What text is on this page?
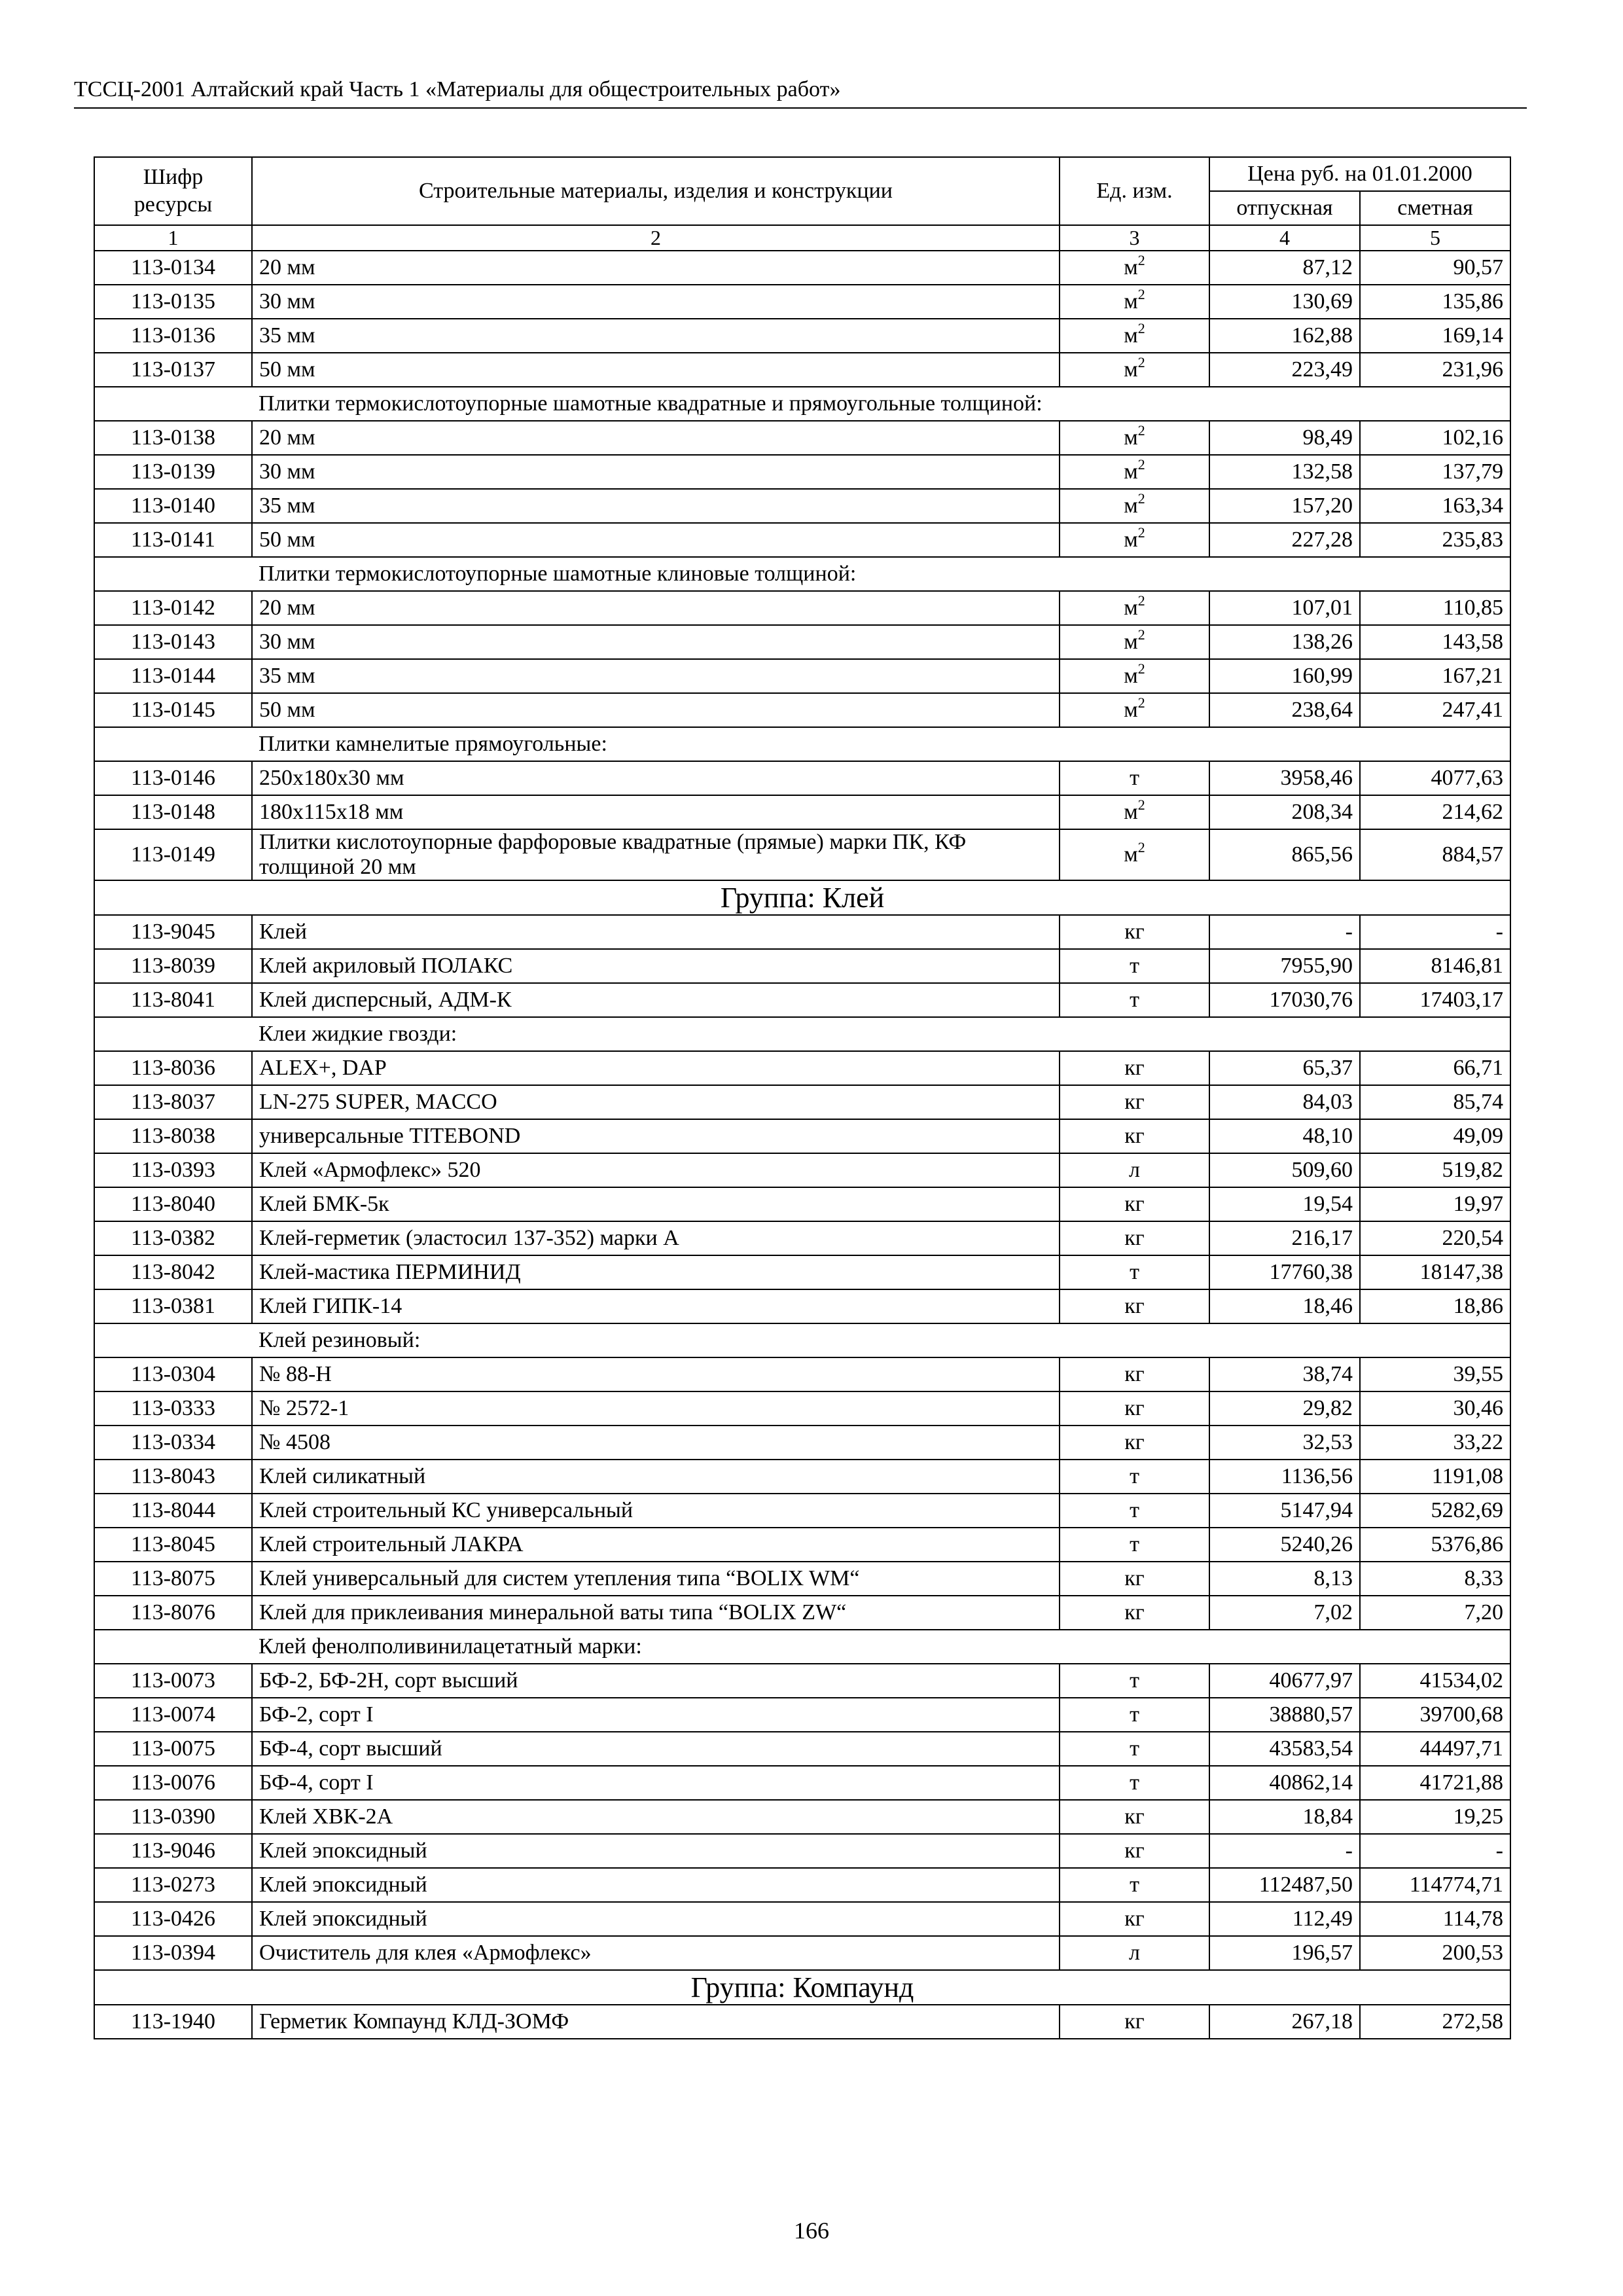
ТССЦ-2001 Алтайский край Часть 1 «Материалы для общестроительных работ»
Шифр ресурсы	Строительные материалы, изделия и конструкции	Ед. изм.	Цена руб. на 01.01.2000	
			отпускная	сметная
1	2	3	4	5
113-0134	20 мм	$м^2$	87,12	90,57
113-0135	30 мм	$м^2$	130,69	135,86
113-0136	35 мм	$м^2$	162,88	169,14
113-0137	50 мм	$м^2$	223,49	231,96
	Плитки термокислотоупорные шамотные квадратные и прямоугольные толщиной:			
113-0138	20 мм	$м^2$	98,49	102,16
113-0139	30 мм	$м^2$	132,58	137,79
113-0140	35 мм	$м^2$	157,20	163,34
113-0141	50 мм	$м^2$	227,28	235,83
	Плитки термокислотоупорные шамотные клиновые толщиной:			
113-0142	20 мм	$м^2$	107,01	110,85
113-0143	30 мм	$м^2$	138,26	143,58
113-0144	35 мм	$м^2$	160,99	167,21
113-0145	50 мм	$м^2$	238,64	247,41
	Плитки камнелитые прямоугольные:			
113-0146	250х180х30 мм	т	3958,46	4077,63
113-0148	180х115х18 мм	$м^2$	208,34	214,62
113-0149	Плитки кислотоупорные фарфоровые квадратные (прямые) марки ПК, КФ толщиной 20 мм	$м^2$	865,56	884,57
Группа: Клей				
113-9045	Клей	кг	-	-
113-8039	Клей акриловый ПОЛАКС	т	7955,90	8146,81
113-8041	Клей дисперсный, АДМ-К	т	17030,76	17403,17
	Клеи жидкие гвозди:			
113-8036	ALEX+, DAP	кг	65,37	66,71
113-8037	LN-275 SUPER, MACCO	кг	84,03	85,74
113-8038	универсальные TITEBOND	кг	48,10	49,09
113-0393	Клей «Армофлекс» 520	л	509,60	519,82
113-8040	Клей БМК-5к	кг	19,54	19,97
113-0382	Клей-герметик (эластосил 137-352) марки А	кг	216,17	220,54
113-8042	Клей-мастика ПЕРМИНИД	т	17760,38	18147,38
113-0381	Клей ГИПК-14	кг	18,46	18,86
	Клей резиновый:			
113-0304	№ 88-Н	кг	38,74	39,55
113-0333	№ 2572-1	кг	29,82	30,46
113-0334	№ 4508	кг	32,53	33,22
113-8043	Клей силикатный	т	1136,56	1191,08
113-8044	Клей строительный КС универсальный	т	5147,94	5282,69
113-8045	Клей строительный ЛАКРА	т	5240,26	5376,86
113-8075	Клей универсальный для систем утепления типа “BOLIX WM“	кг	8,13	8,33
113-8076	Клей для приклеивания минеральной ваты типа “BOLIX ZW“	кг	7,02	7,20
	Клей фенолполивинилацетатный марки:			
113-0073	БФ-2, БФ-2Н, сорт высший	т	40677,97	41534,02
113-0074	БФ-2, сорт I	т	38880,57	39700,68
113-0075	БФ-4, сорт высший	т	43583,54	44497,71
113-0076	БФ-4, сорт I	т	40862,14	41721,88
113-0390	Клей ХВК-2А	кг	18,84	19,25
113-9046	Клей эпоксидный	кг	-	-
113-0273	Клей эпоксидный	т	112487,50	114774,71
113-0426	Клей эпоксидный	кг	112,49	114,78
113-0394	Очиститель для клея «Армофлекс»	л	196,57	200,53
Группа: Компаунд				
113-1940	Герметик Компаунд КЛД-ЗОМФ	кг	267,18	272,58
166
